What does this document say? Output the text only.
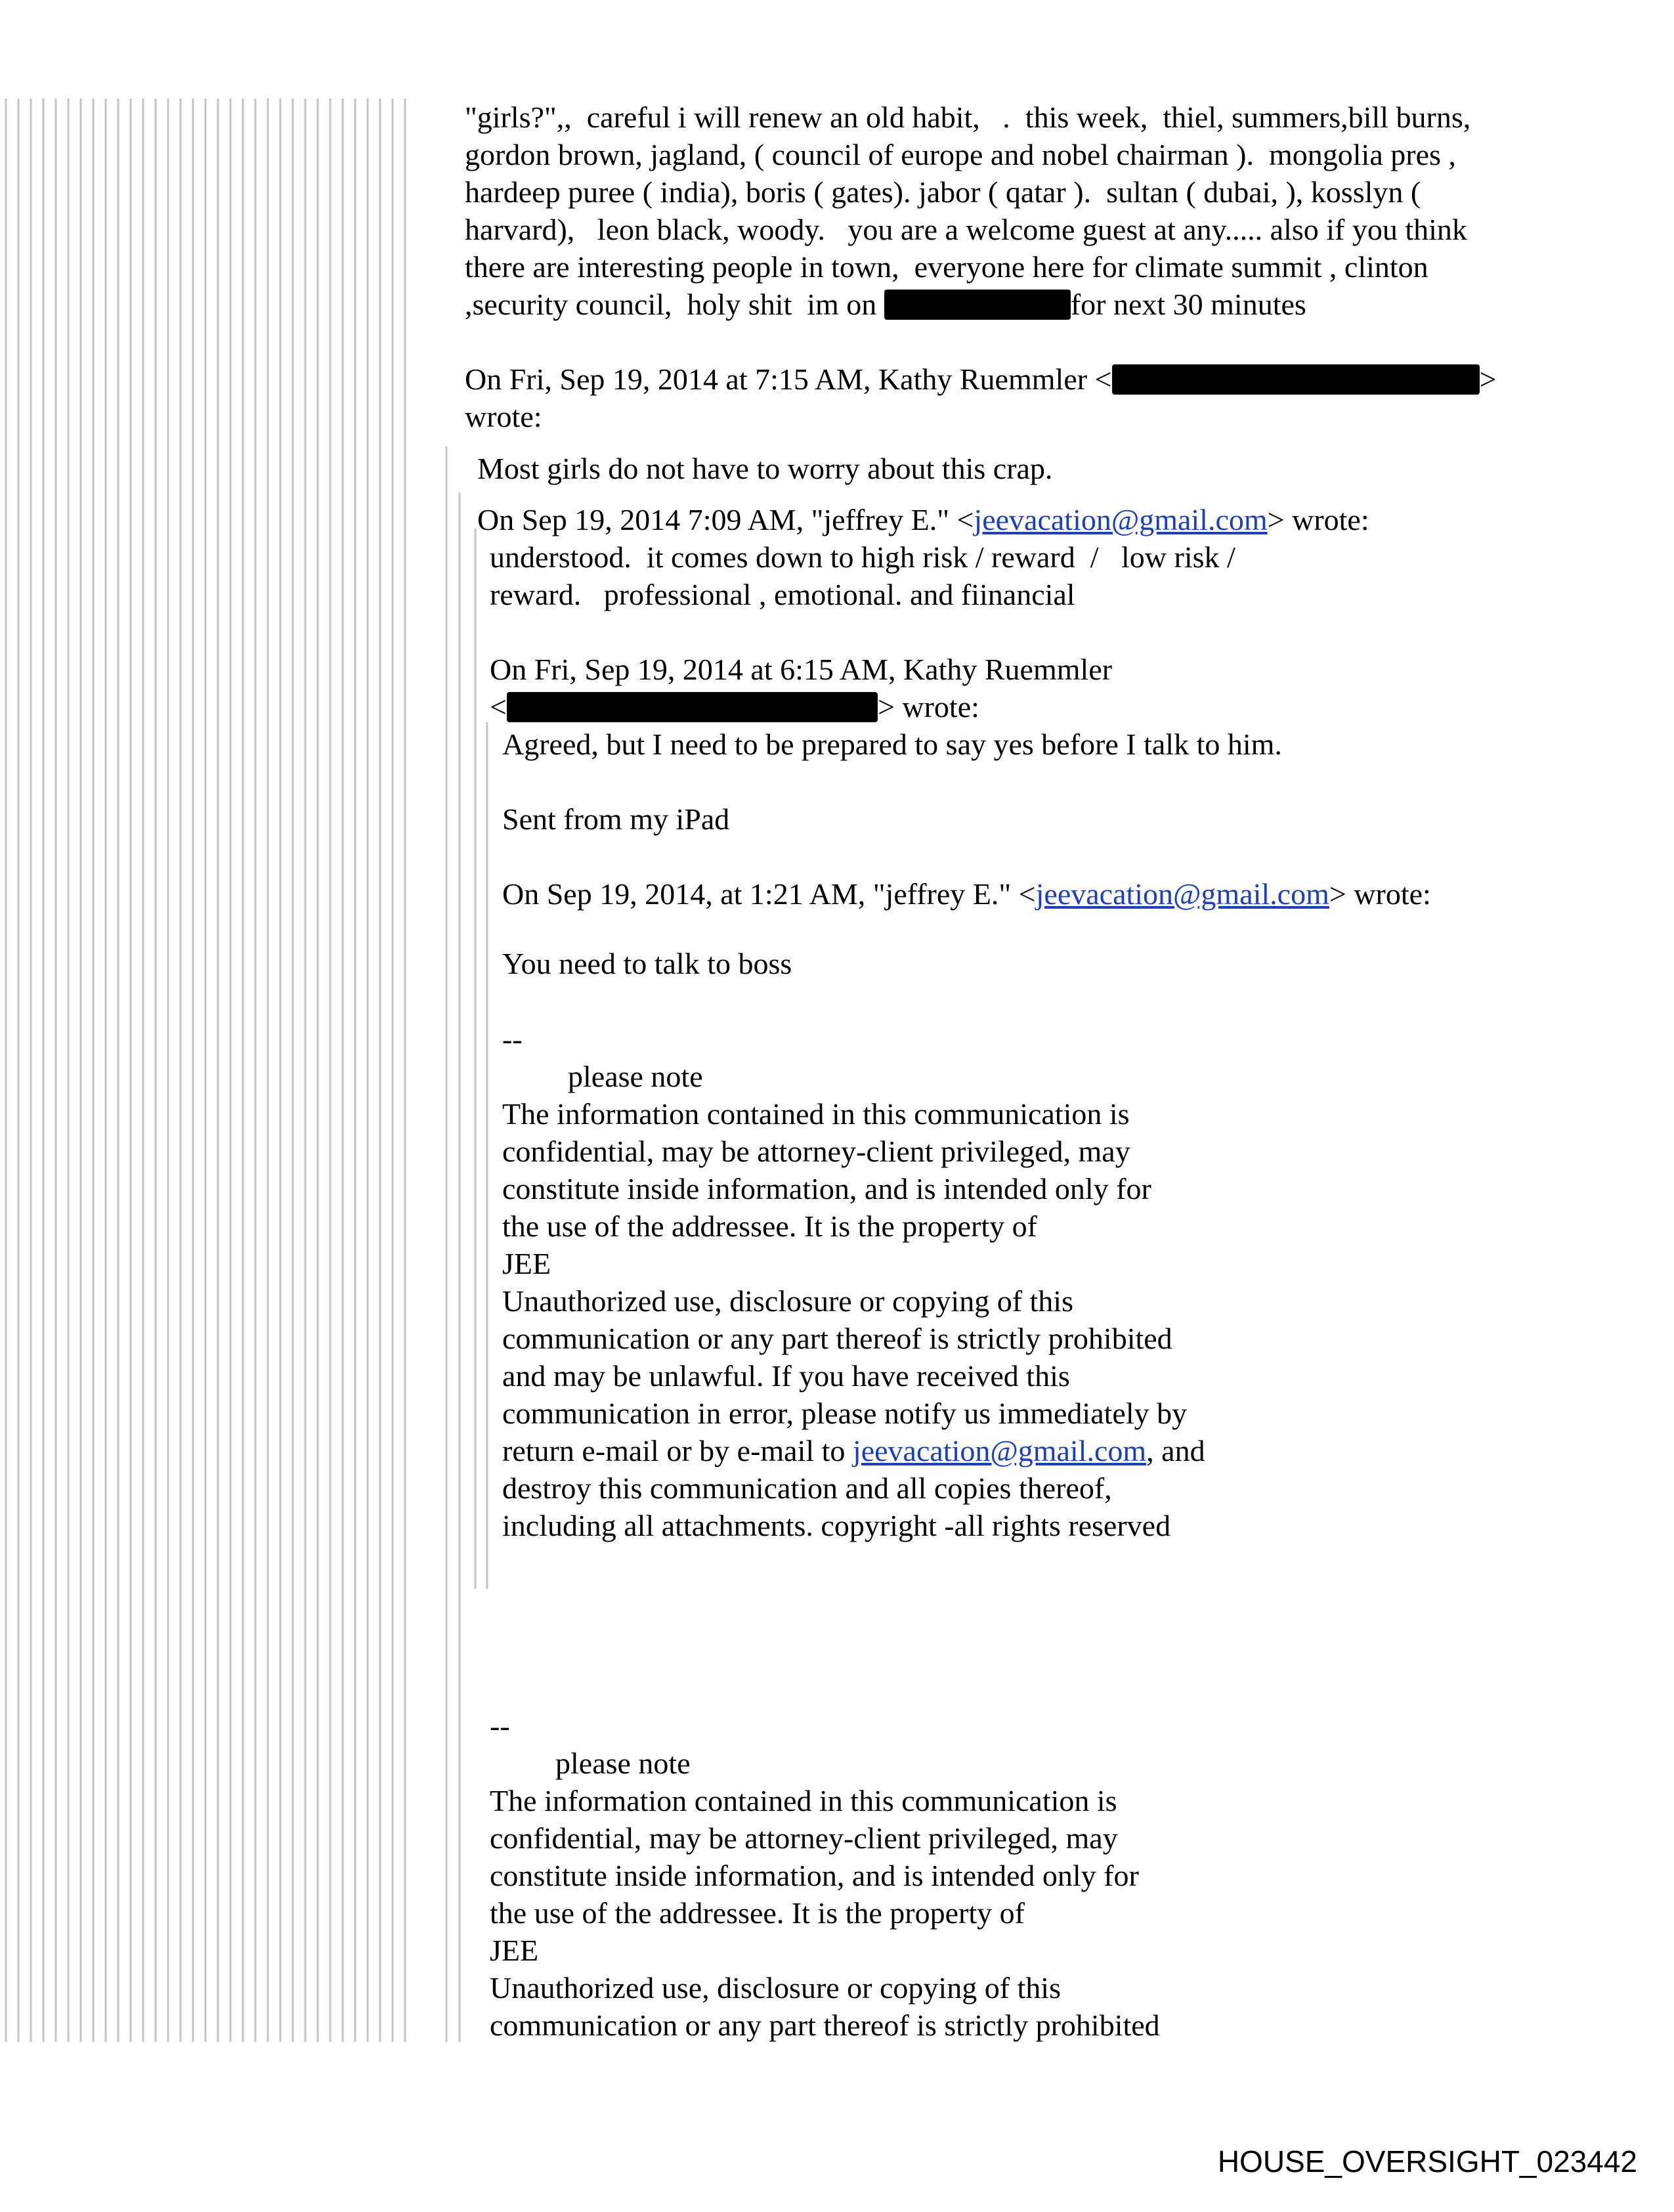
"girls?",,  careful i will renew an old habit,   .  this week,  thiel, summers,bill burns,
gordon brown, jagland, ( council of europe and nobel chairman ).  mongolia pres ,
hardeep puree ( india), boris ( gates). jabor ( qatar ).  sultan ( dubai, ), kosslyn (
harvard),   leon black, woody.   you are a welcome guest at any..... also if you think
there are interesting people in town,  everyone here for climate summit , clinton
,security council,  holy shit  im on	for next 30 minutes
On Fri, Sep 19, 2014 at 7:15 AM, Kathy Ruemmler <	>
wrote:
Most girls do not have to worry about this crap.
On Sep 19, 2014 7:09 AM, "jeffrey E." <jeevacation@gmail.com> wrote:
understood.  it comes down to high risk / reward  /   low risk /
reward.   professional , emotional. and fiinancial
On Fri, Sep 19, 2014 at 6:15 AM, Kathy Ruemmler
<	> wrote:
Agreed, but I need to be prepared to say yes before I talk to him.
Sent from my iPad
On Sep 19, 2014, at 1:21 AM, "jeffrey E." <jeevacation@gmail.com> wrote:
You need to talk to boss
--
please note
The information contained in this communication is
confidential, may be attorney-client privileged, may
constitute inside information, and is intended only for
the use of the addressee. It is the property of
JEE
Unauthorized use, disclosure or copying of this
communication or any part thereof is strictly prohibited
and may be unlawful. If you have received this
communication in error, please notify us immediately by
return e-mail or by e-mail to jeevacation@gmail.com, and
destroy this communication and all copies thereof,
including all attachments. copyright -all rights reserved
--
please note
The information contained in this communication is
confidential, may be attorney-client privileged, may
constitute inside information, and is intended only for
the use of the addressee. It is the property of
JEE
Unauthorized use, disclosure or copying of this
communication or any part thereof is strictly prohibited
HOUSE_OVERSIGHT_023442
